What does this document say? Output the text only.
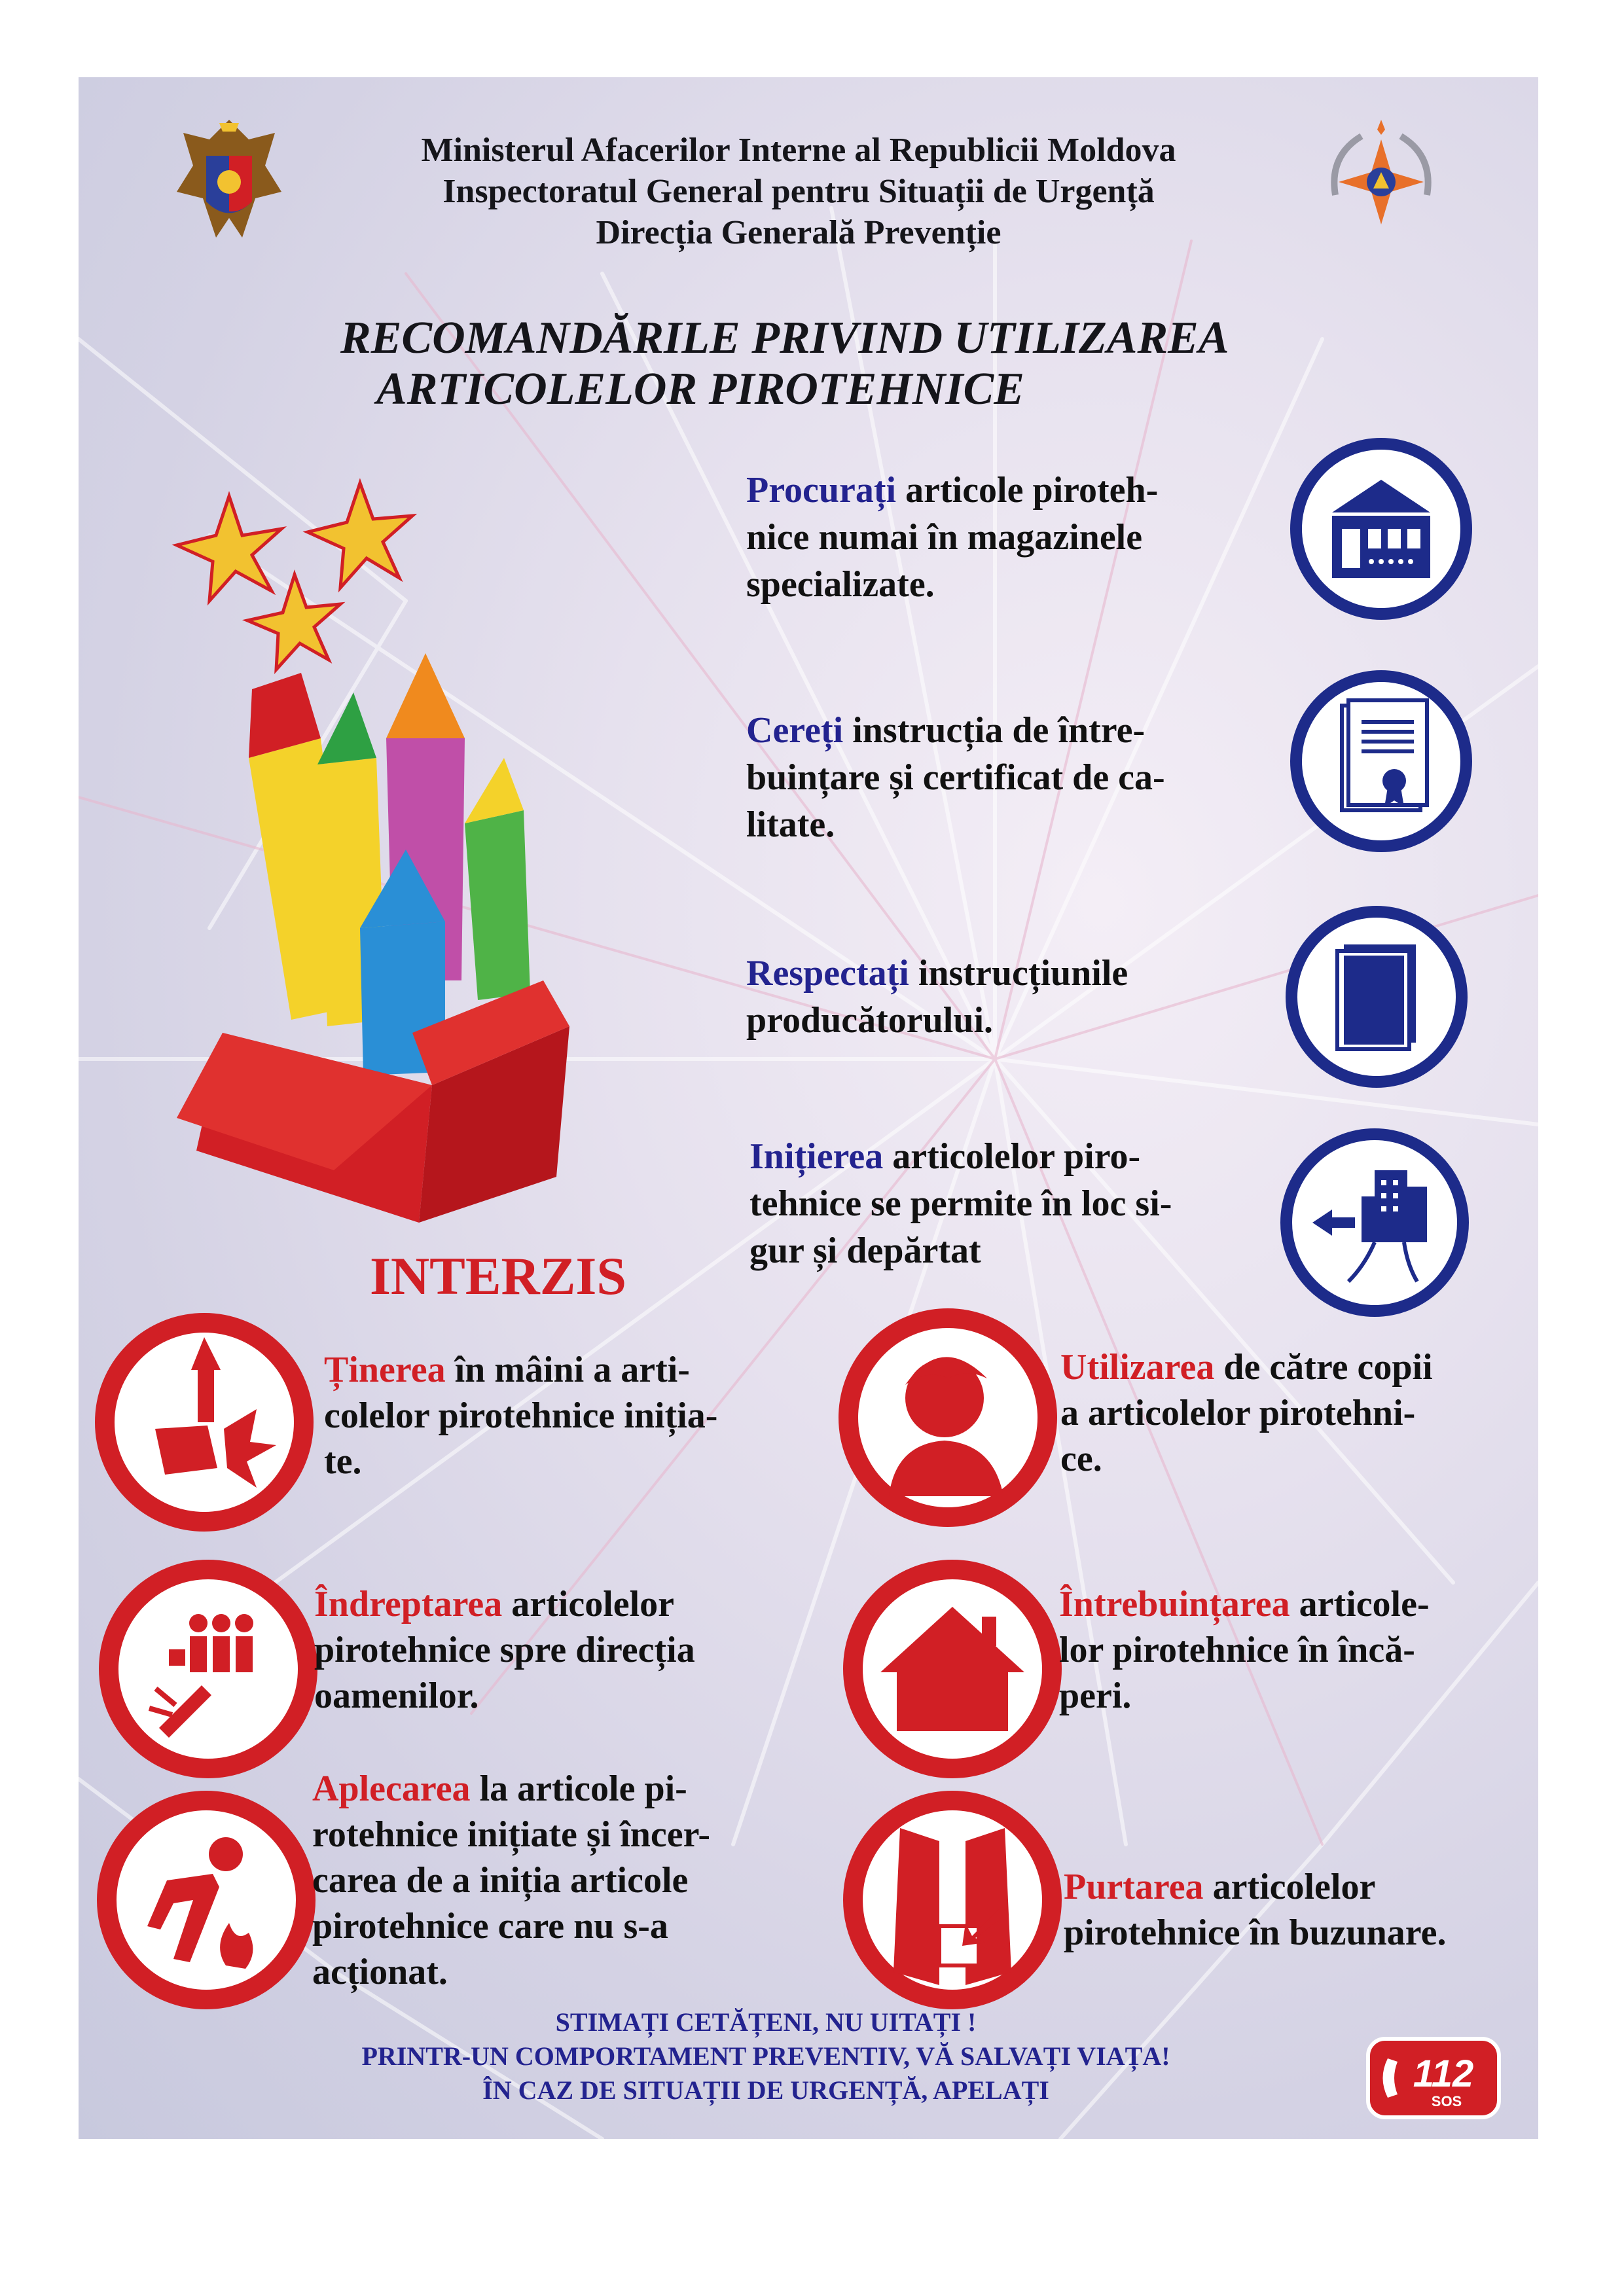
Ministerul Afacerilor Interne al Republicii Moldova
Inspectoratul General pentru Situații de Urgență
Direcția Generală Prevenție
RECOMANDĂRILE PRIVIND UTILIZAREA
ARTICOLELOR PIROTEHNICE
Procurați articole piroteh-
nice numai în magazinele
specializate.
Cereți instrucția de între-
buințare și certificat de ca-
litate.
Respectați instrucțiunile
producătorului.
Inițierea articolelor piro-
tehnice se permite în loc si-
gur și depărtat
INTERZIS
Ținerea în mâini a arti-
colelor pirotehnice inițiа-
te.
Utilizarea de către copii
a articolelor pirotehni-
ce.
Îndreptarea articolelor
pirotehnice spre direcția
oamenilor.
Întrebuințarea articole-
lor pirotehnice în încă-
peri.
Aplecarea la articole pi-
rotehnice inițiate și încer-
carea de a iniția articole
pirotehnice care nu s-a
acționat.
Purtarea articolelor
pirotehnice în buzunare.
STIMAȚI CETĂȚENI, NU UITAȚI !
PRINTR-UN COMPORTAMENT PREVENTIV, VĂ SALVAȚI VIAȚA!
ÎN CAZ DE SITUAȚII DE URGENȚĂ, APELAȚI	112
SOS
